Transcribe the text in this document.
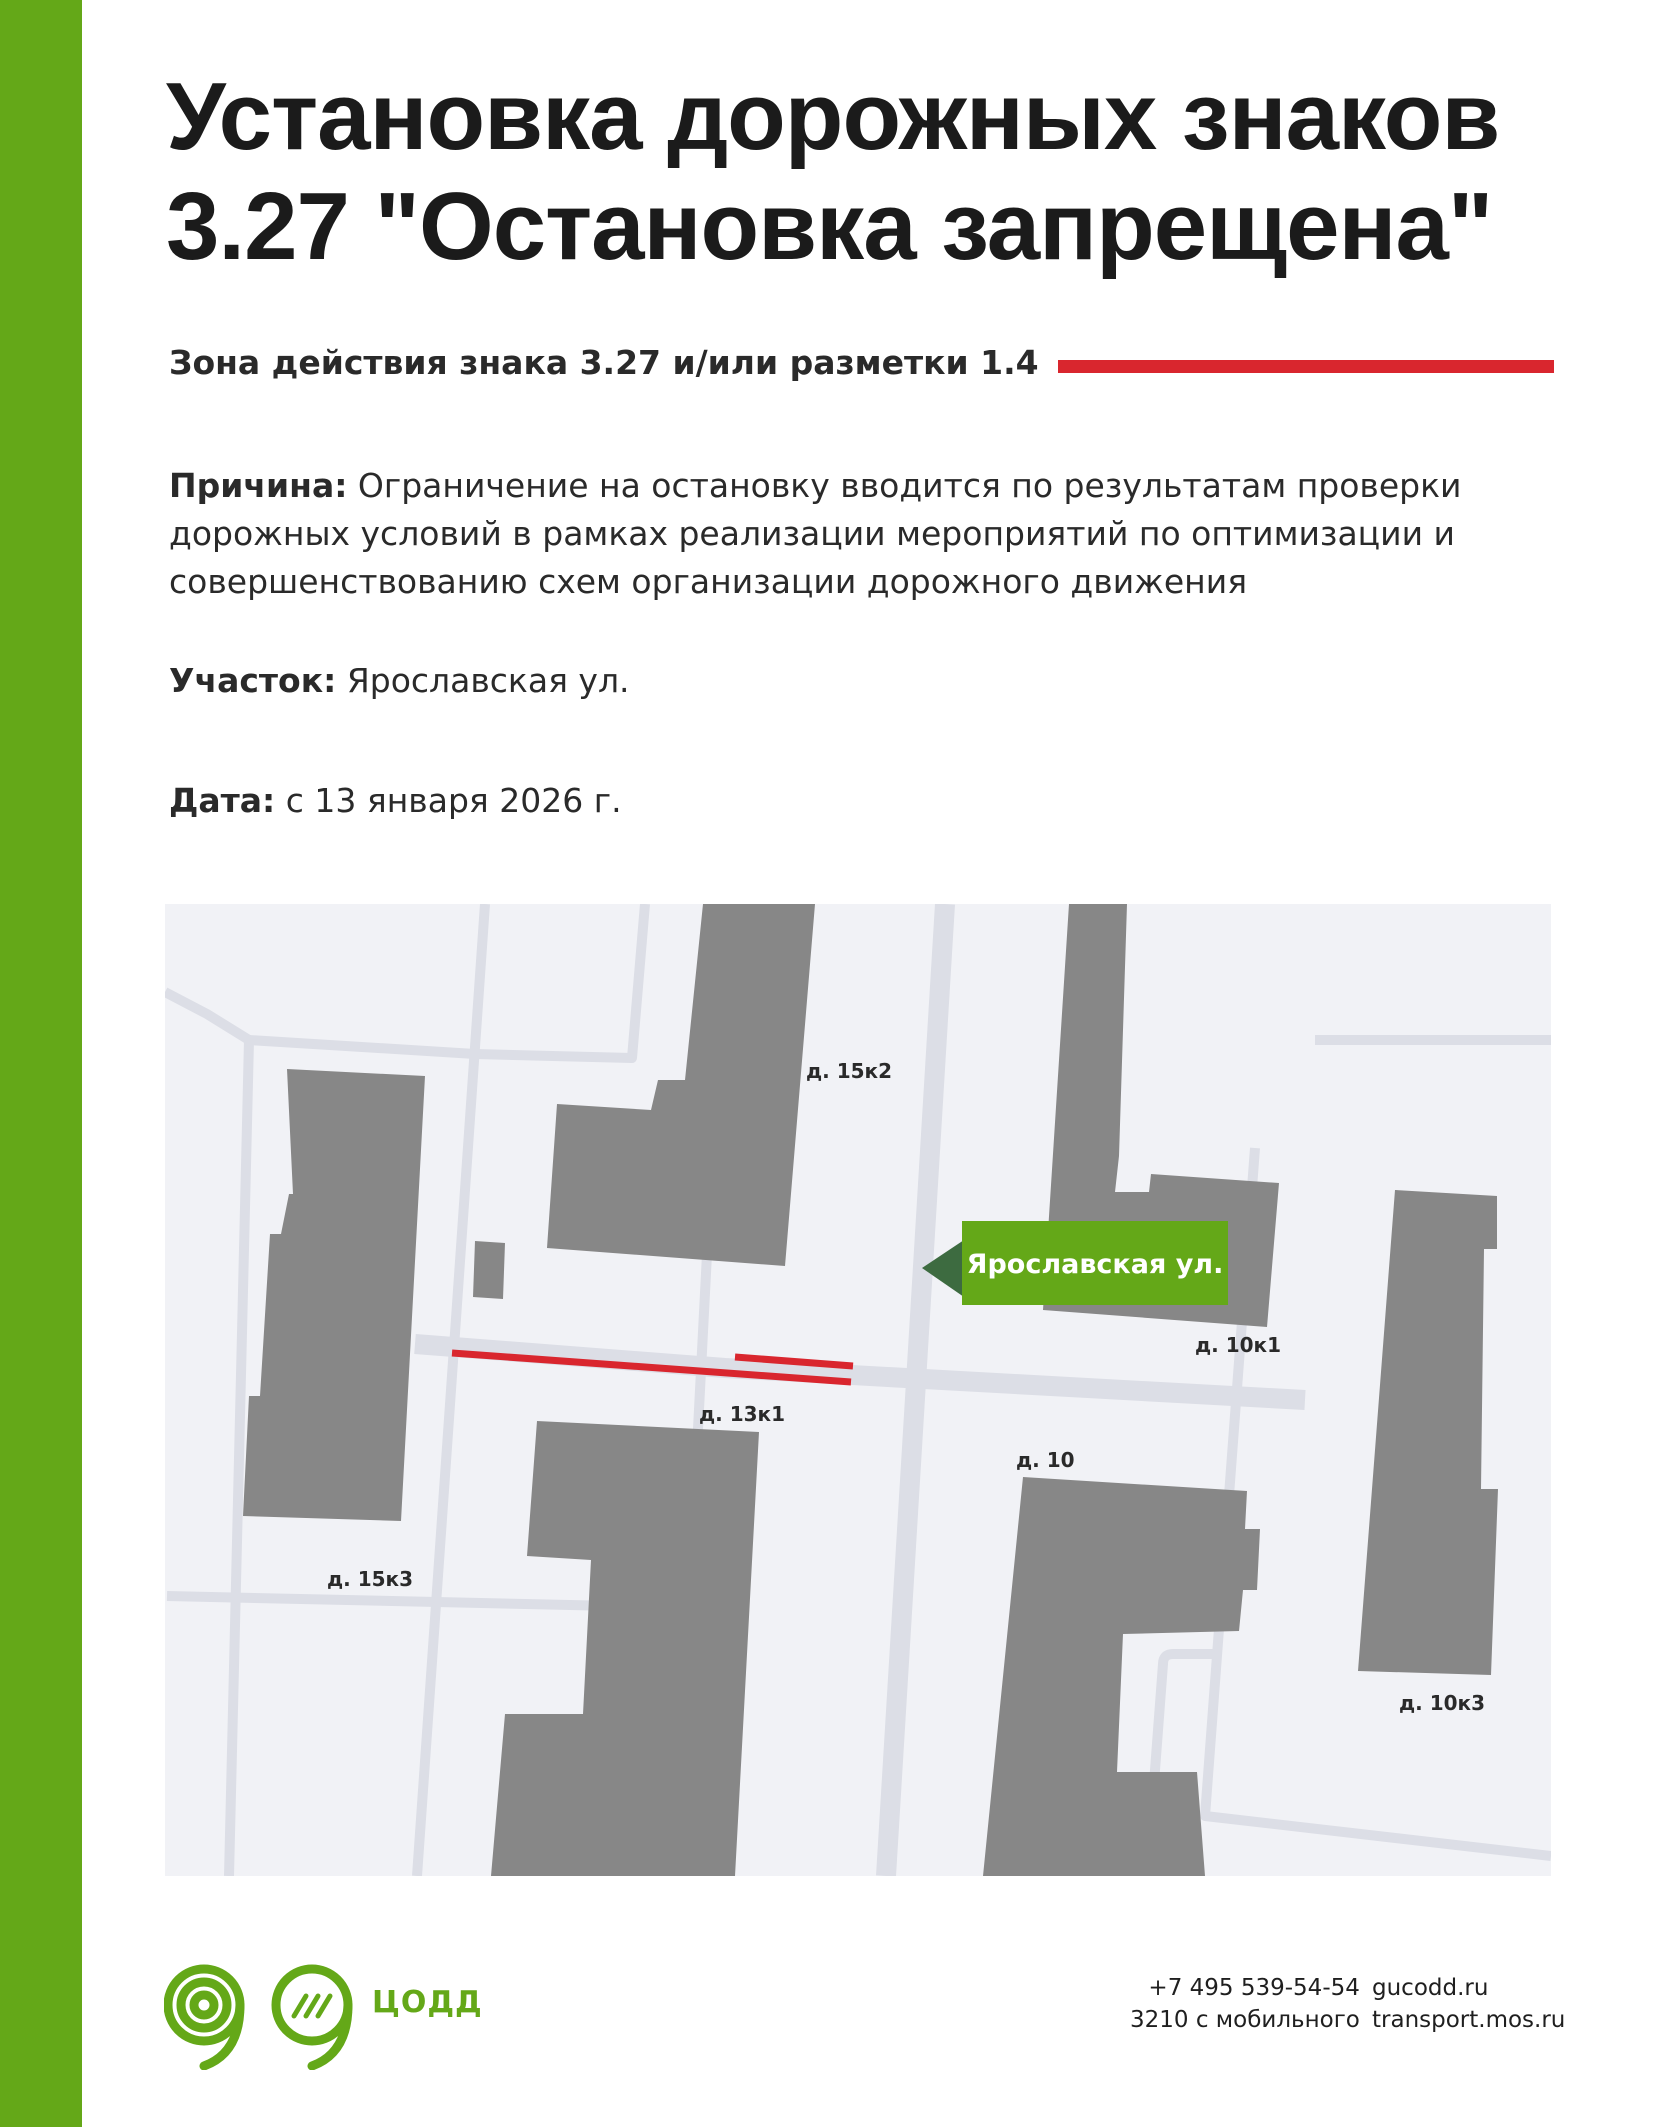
Установка дорожных знаков
3.27 "Остановка запрещена"
Зона действия знака 3.27 и/или разметки 1.4
Причина: Ограничение на остановку вводится по результатам проверки дорожных условий в рамках реализации мероприятий по оптимизации и совершенствованию схем организации дорожного движения
Участок: Ярославская ул.
Дата: с 13 января 2026 г.
Ярославская ул.
д. 15к2
д. 15к3
д. 13к1
д. 10к1
д. 10
д. 10к3
ЦОДД	+7 495 539-54-54
3210 с мобильного
gucodd.ru
transport.mos.ru
